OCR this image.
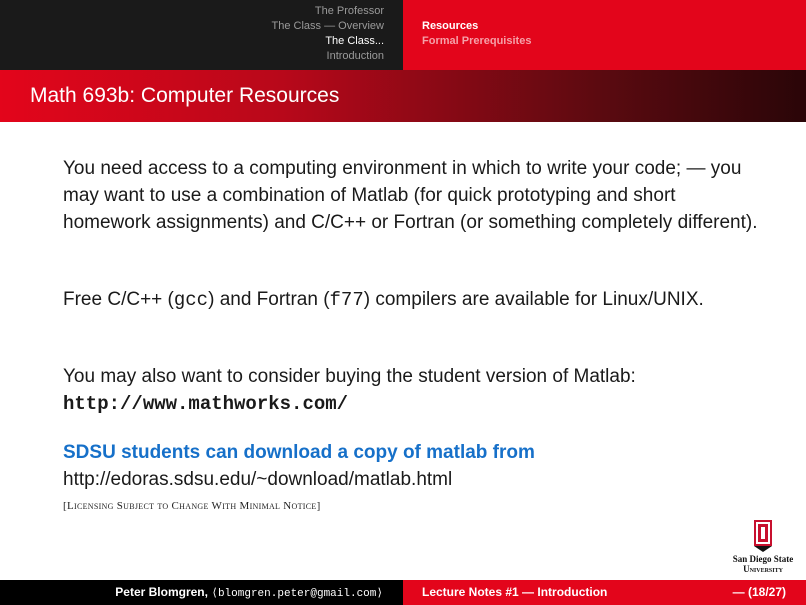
The Professor
The Class — Overview
The Class...
Introduction
Resources
Formal Prerequisites
Math 693b: Computer Resources

You need access to a computing environment in which to write your code; — you may want to use a combination of Matlab (for quick prototyping and short homework assignments) and C/C++ or Fortran (or something completely different).

Free C/C++ (gcc) and Fortran (f77) compilers are available for Linux/UNIX.

You may also want to consider buying the student version of Matlab:
http://www.mathworks.com/

SDSU students can download a copy of matlab from
http://edoras.sdsu.edu/~download/matlab.html

[Licensing Subject to Change With Minimal Notice]
San Diego State
University
Peter Blomgren, ⟨blomgren.peter@gmail.com⟩	Lecture Notes #1 — Introduction	— (18/27)
